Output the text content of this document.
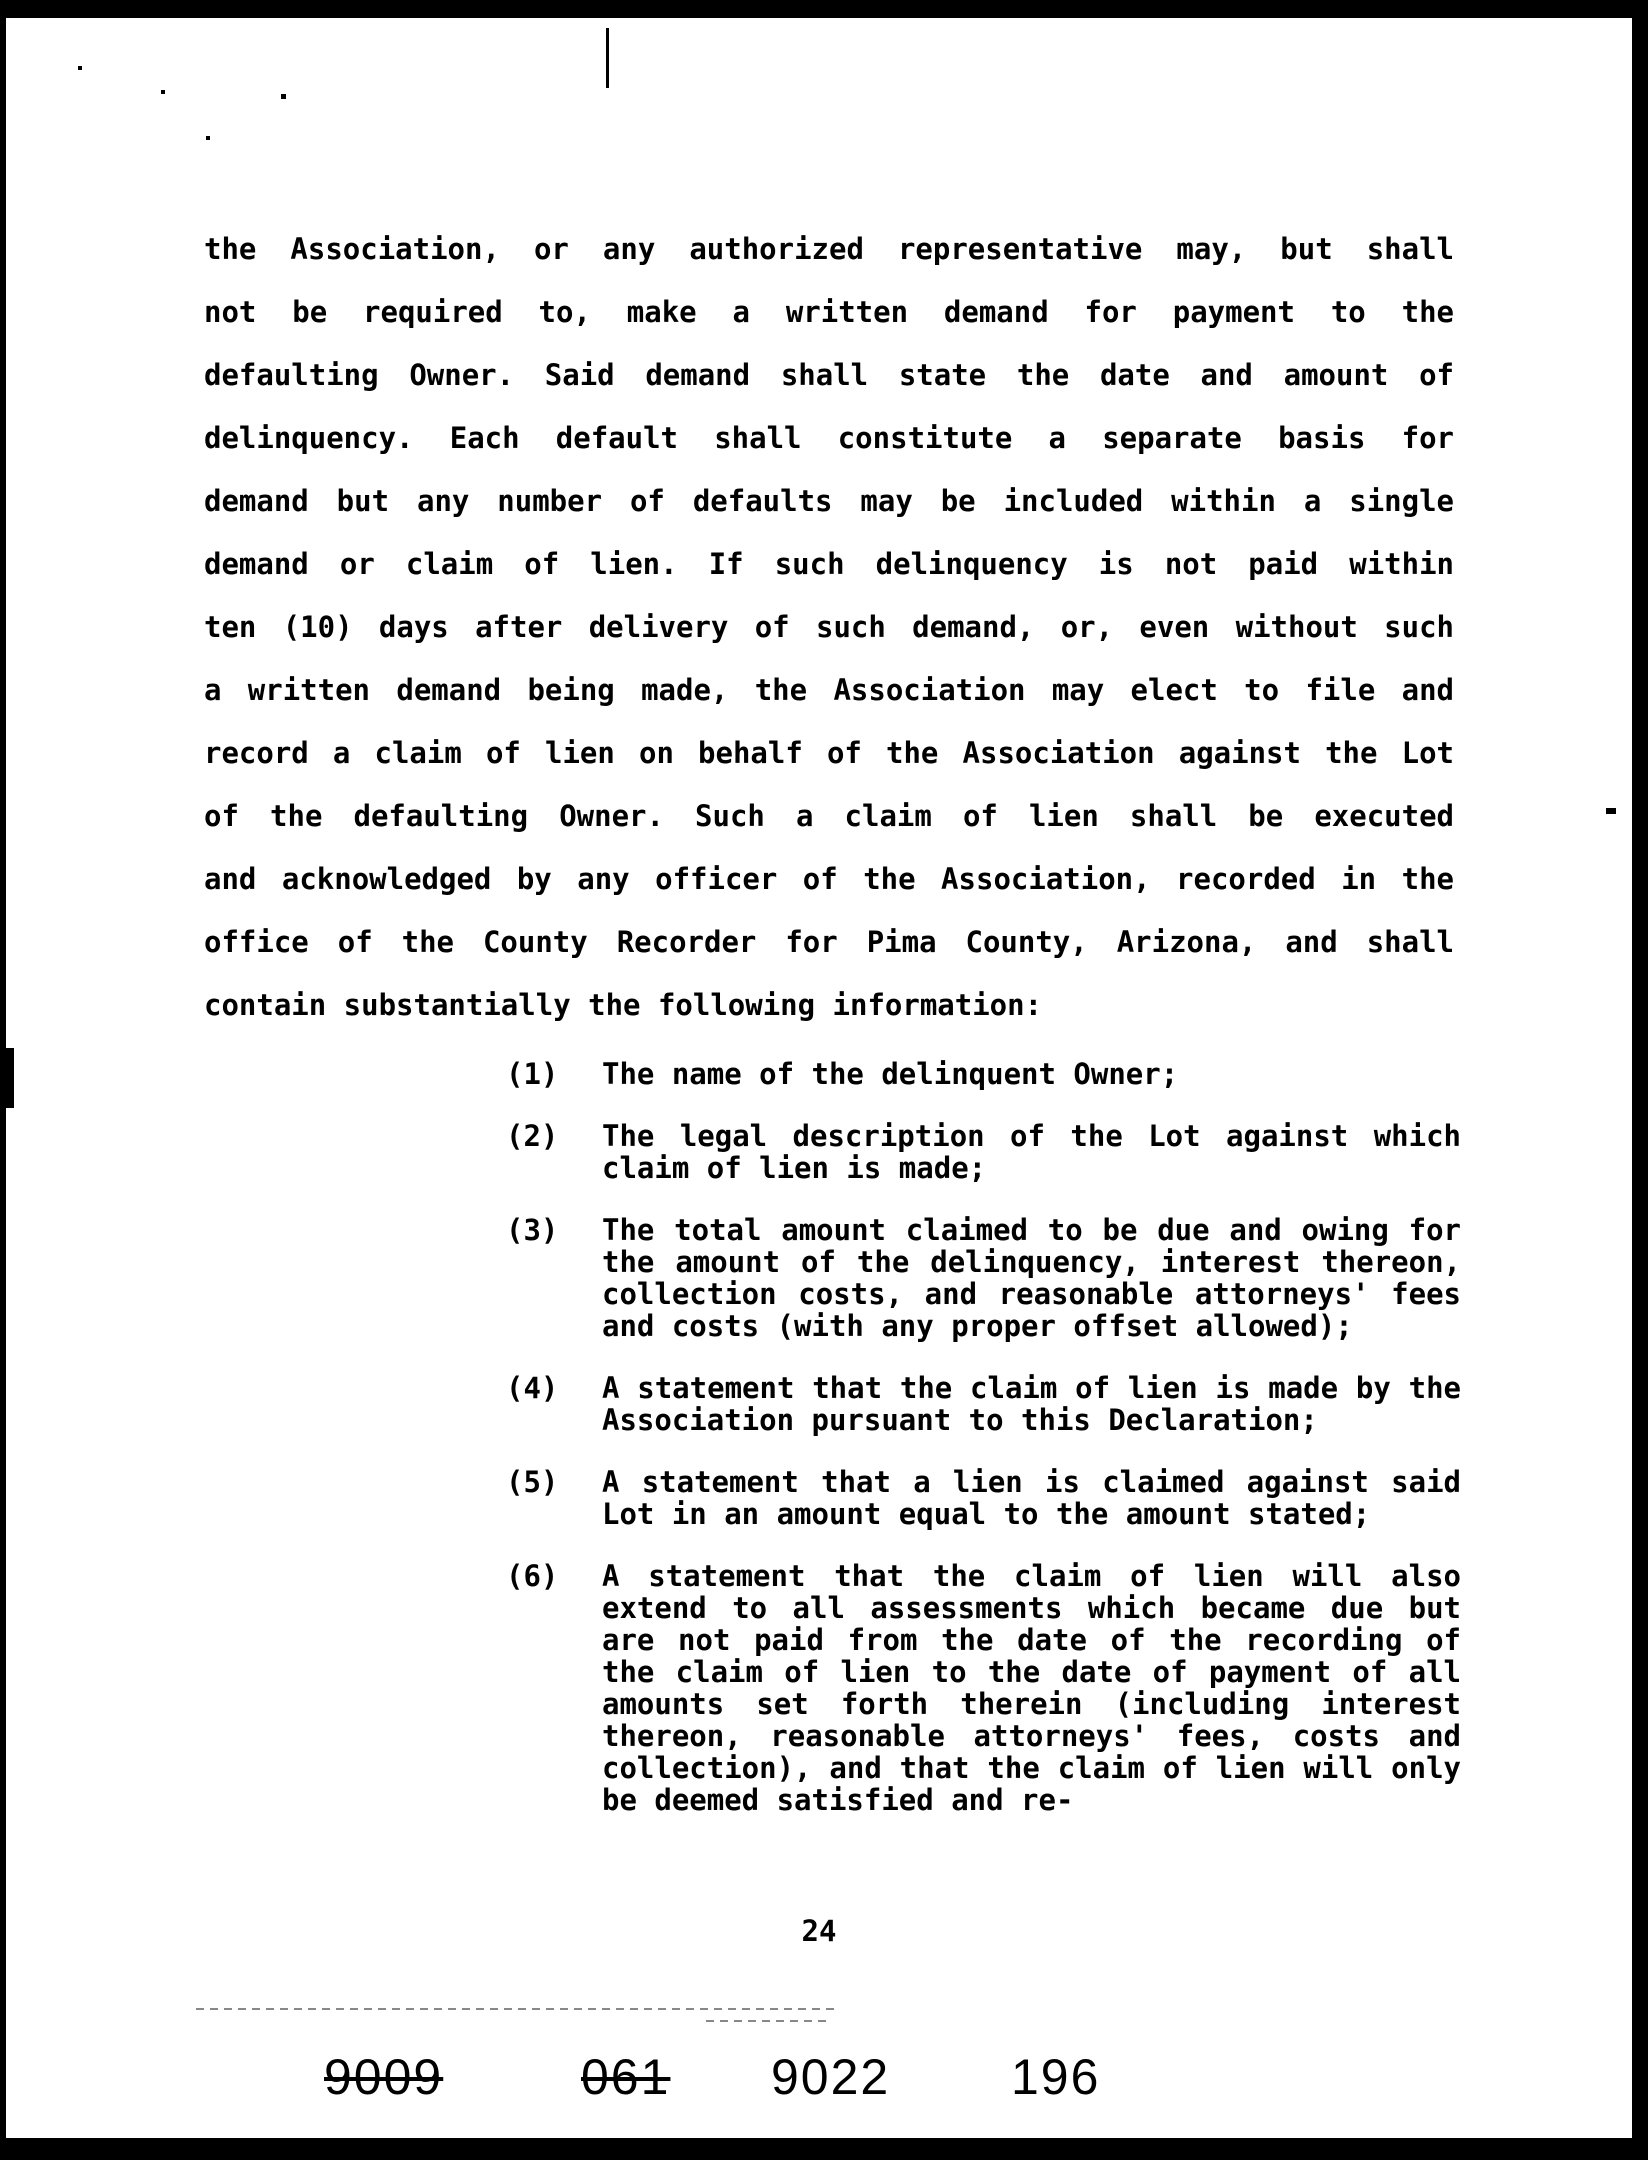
the Association, or any authorized representative may, but shall
not be required to, make a written demand for payment to the
defaulting Owner. Said demand shall state the date and amount of
delinquency. Each default shall constitute a separate basis for
demand but any number of defaults may be included within a single
demand or claim of lien. If such delinquency is not paid within
ten (10) days after delivery of such demand, or, even without such
a written demand being made, the Association may elect to file and
record a claim of lien on behalf of the Association against the Lot
of the defaulting Owner. Such a claim of lien shall be executed
and acknowledged by any officer of the Association, recorded in the
office of the County Recorder for Pima County, Arizona, and shall
contain substantially the following information:
(1)	The name of the delinquent Owner;
(2)	The legal description of the Lot against which claim of lien is made;
(3)	The total amount claimed to be due and owing for the amount of the delinquency, interest thereon, collection costs, and reasonable attorneys' fees and costs (with any proper offset allowed);
(4)	A statement that the claim of lien is made by the Association pursuant to this Declaration;
(5)	A statement that a lien is claimed against said Lot in an amount equal to the amount stated;
(6)	A statement that the claim of lien will also extend to all assessments which became due but are not paid from the date of the recording of the claim of lien to the date of payment of all amounts set forth therein (including interest thereon, reasonable attorneys' fees, costs and collection), and that the claim of lien will only be deemed satisfied and re-
24
9009	061 9022 196
